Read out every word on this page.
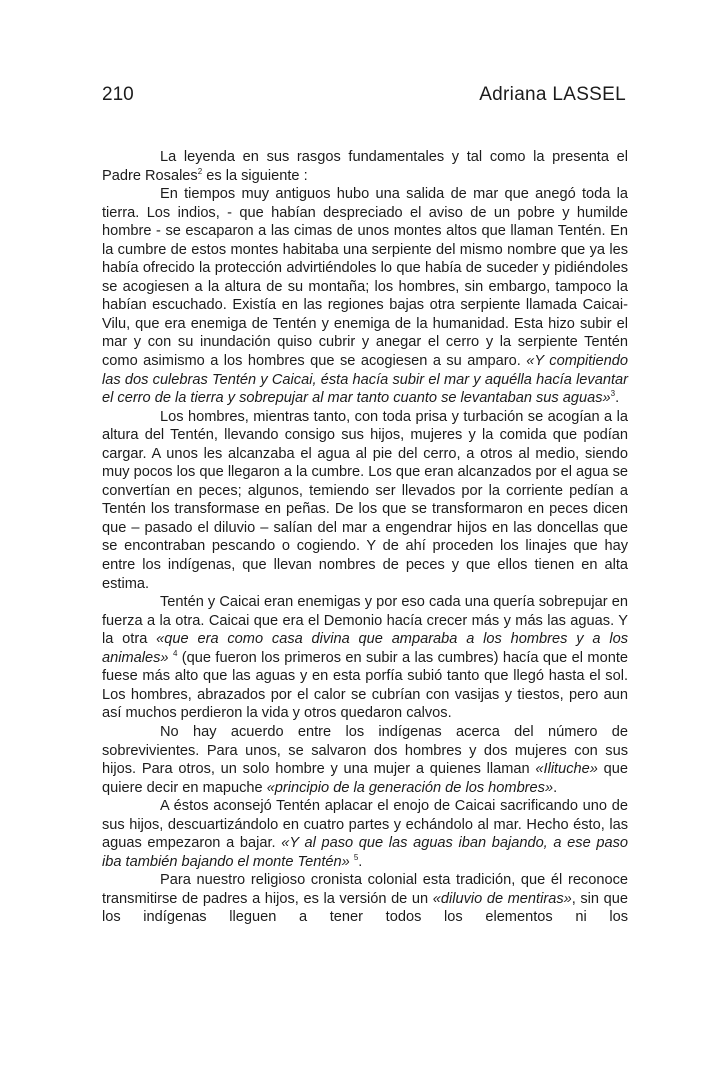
210	Adriana LASSEL

La leyenda en sus rasgos fundamentales y tal como la presenta el Padre Rosales$^2$ es la siguiente :

En tiempos muy antiguos hubo una salida de mar que anegó toda la tierra. Los indios, - que habían despreciado el aviso de un pobre y humilde hombre - se escaparon a las cimas de unos montes altos que llaman Tentén. En la cumbre de estos montes habitaba una serpiente del mismo nombre que ya les había ofrecido la protección advirtiéndoles lo que había de suceder y pidiéndoles se acogiesen a la altura de su montaña; los hombres, sin embargo, tampoco la habían escuchado. Existía en las regiones bajas otra serpiente llamada Caicai-Vilu, que era enemiga de Tentén y enemiga de la humanidad. Esta hizo subir el mar y con su inundación quiso cubrir y anegar el cerro y la serpiente Tentén como asimismo a los hombres que se acogiesen a su amparo. «Y compitiendo las dos culebras Tentén y Caicai, ésta hacía subir el mar y aquélla hacía levantar el cerro de la tierra y sobrepujar al mar tanto cuanto se levantaban sus aguas»$^3$.

Los hombres, mientras tanto, con toda prisa y turbación se acogían a la altura del Tentén, llevando consigo sus hijos, mujeres y la comida que podían cargar. A unos les alcanzaba el agua al pie del cerro, a otros al medio, siendo muy pocos los que llegaron a la cumbre. Los que eran alcanzados por el agua se convertían en peces; algunos, temiendo ser llevados por la corriente pedían a Tentén los transformase en peñas. De los que se transformaron en peces dicen que – pasado el diluvio – salían del mar a engendrar hijos en las doncellas que se encontraban pescando o cogiendo. Y de ahí proceden los linajes que hay entre los indígenas, que llevan nombres de peces y que ellos tienen en alta estima.

Tentén y Caicai eran enemigas y por eso cada una quería sobrepujar en fuerza a la otra. Caicai que era el Demonio hacía crecer más y más las aguas. Y la otra «que era como casa divina que amparaba a los hombres y a los animales» $^4$ (que fueron los primeros en subir a las cumbres) hacía que el monte fuese más alto que las aguas y en esta porfía subió tanto que llegó hasta el sol. Los hombres, abrazados por el calor se cubrían con vasijas y tiestos, pero aun así muchos perdieron la vida y otros quedaron calvos.

No hay acuerdo entre los indígenas acerca del número de sobrevivientes. Para unos, se salvaron dos hombres y dos mujeres con sus hijos. Para otros, un solo hombre y una mujer a quienes llaman «Ilituche» que quiere decir en mapuche «principio de la generación de los hombres».

A éstos aconsejó Tentén aplacar el enojo de Caicai sacrificando uno de sus hijos, descuartizándolo en cuatro partes y echándolo al mar. Hecho ésto, las aguas empezaron a bajar. «Y al paso que las aguas iban bajando, a ese paso iba también bajando el monte Tentén» $^5$.

Para nuestro religioso cronista colonial esta tradición, que él reconoce transmitirse de padres a hijos, es la versión de un «diluvio de mentiras», sin que los indígenas lleguen a tener todos los elementos ni los
